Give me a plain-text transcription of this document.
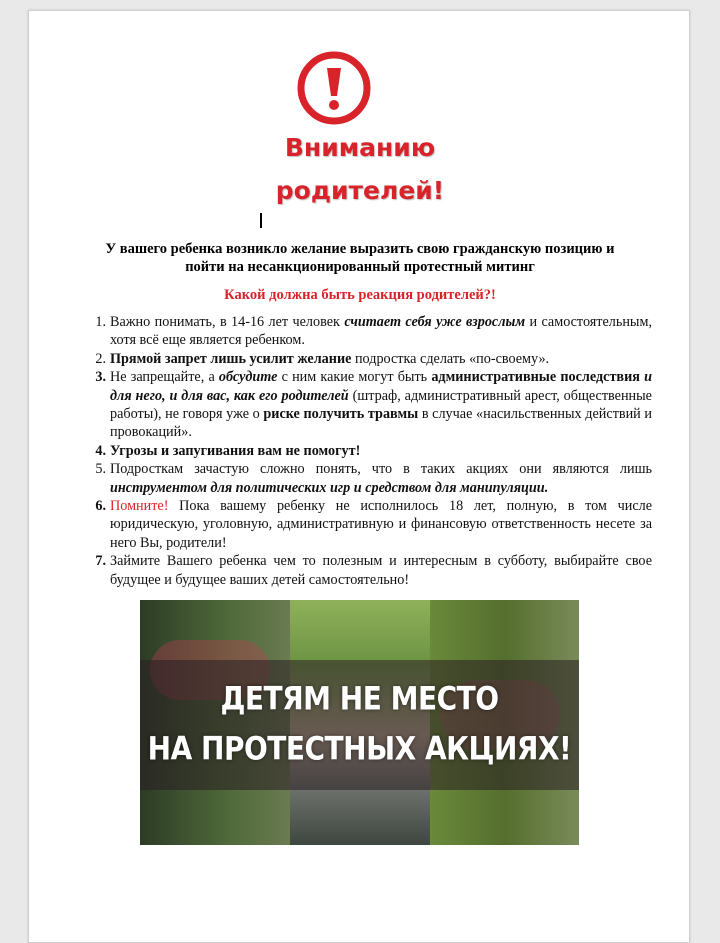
Вниманию
родителей!
У вашего ребенка возникло желание выразить свою гражданскую позицию и
пойти на несанкционированный протестный митинг
Какой должна быть реакция родителей?!
1. Важно понимать, в 14-16 лет человек считает себя уже взрослым и самостоятельным, хотя всё еще является ребенком.
2. Прямой запрет лишь усилит желание подростка сделать «по-своему».
3. Не запрещайте, а обсудите с ним какие могут быть административные последствия и для него, и для вас, как его родителей (штраф, административный арест, общественные работы), не говоря уже о риске получить травмы в случае «насильственных действий и провокаций».
4. Угрозы и запугивания вам не помогут!
5. Подросткам зачастую сложно понять, что в таких акциях они являются лишь инструментом для политических игр и средством для манипуляции.
6. Помните! Пока вашему ребенку не исполнилось 18 лет, полную, в том числе юридическую, уголовную, административную и финансовую ответственность несете за него Вы, родители!
7. Займите Вашего ребенка чем то полезным и интересным в субботу, выбирайте свое будущее и будущее ваших детей самостоятельно!
ДЕТЯМ НЕ МЕСТО
НА ПРОТЕСТНЫХ АКЦИЯХ!
